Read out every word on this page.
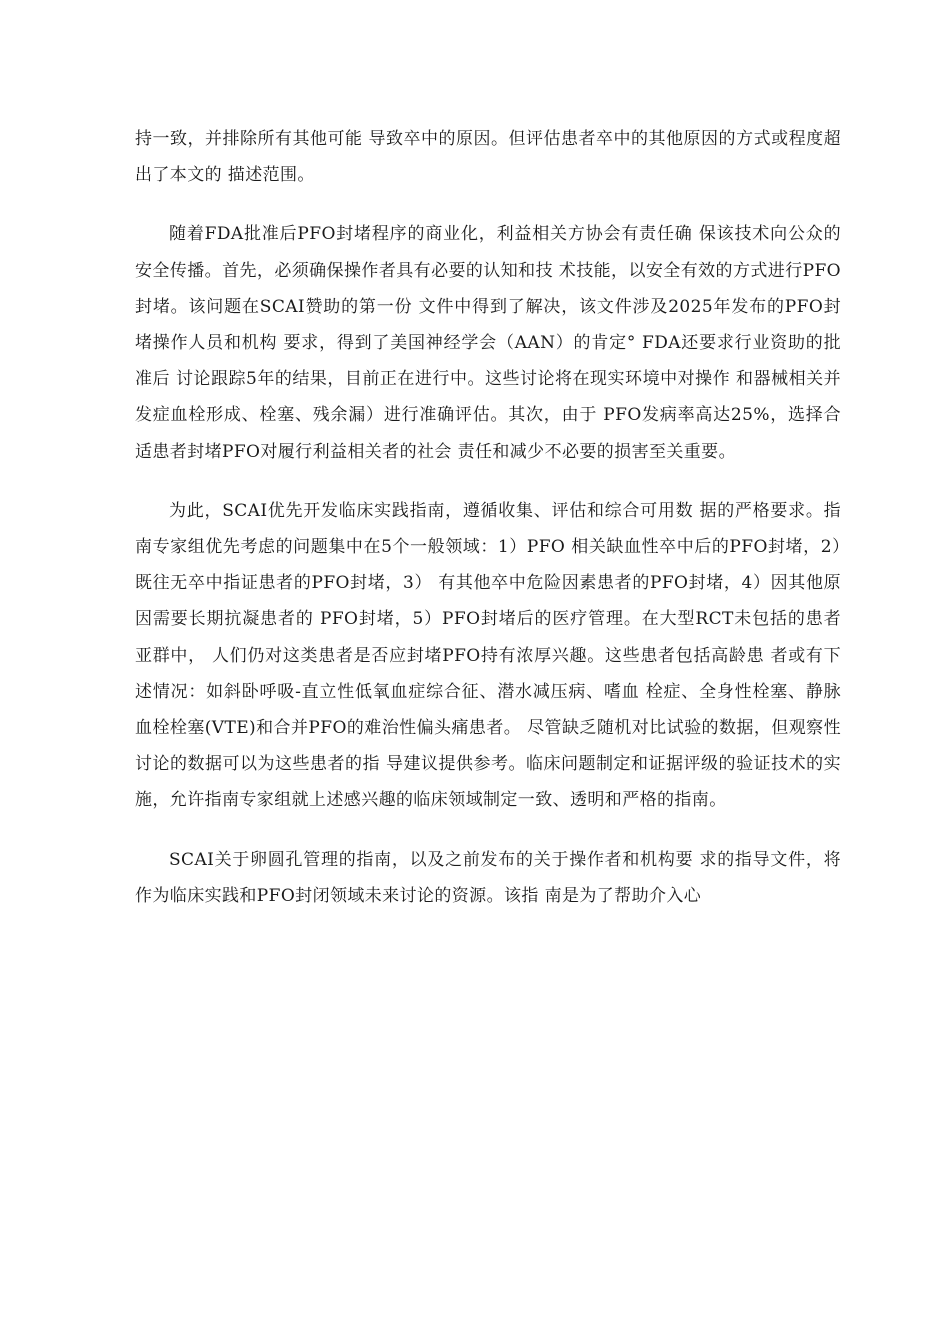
持一致，并排除所有其他可能 导致卒中的原因。但评估患者卒中的其他原因的方式或程度超出了本文的 描述范围。

随着FDA批准后PFO封堵程序的商业化，利益相关方协会有责任确 保该技术向公众的安全传播。首先，必须确保操作者具有必要的认知和技 术技能，以安全有效的方式进行PFO封堵。该问题在SCAI赞助的第一份 文件中得到了解决，该文件涉及2025年发布的PFO封堵操作人员和机构 要求，得到了美国神经学会（AAN）的肯定° FDA还要求行业资助的批准后 讨论跟踪5年的结果，目前正在进行中。这些讨论将在现实环境中对操作 和器械相关并发症血栓形成、栓塞、残余漏）进行准确评估。其次，由于 PFO发病率高达25%，选择合适患者封堵PFO对履行利益相关者的社会 责任和减少不必要的损害至关重要。

为此，SCAI优先开发临床实践指南，遵循收集、评估和综合可用数 据的严格要求。指南专家组优先考虑的问题集中在5个一般领域：1）PFO 相关缺血性卒中后的PFO封堵，2）既往无卒中指证患者的PFO封堵，3） 有其他卒中危险因素患者的PFO封堵，4）因其他原因需要长期抗凝患者的 PFO封堵，5）PFO封堵后的医疗管理。在大型RCT未包括的患者亚群中， 人们仍对这类患者是否应封堵PFO持有浓厚兴趣。这些患者包括高龄患 者或有下述情况：如斜卧呼吸-直立性低氧血症综合征、潜水减压病、嗜血 栓症、全身性栓塞、静脉血栓栓塞(VTE)和合并PFO的难治性偏头痛患者。 尽管缺乏随机对比试验的数据，但观察性讨论的数据可以为这些患者的指 导建议提供参考。临床问题制定和证据评级的验证技术的实施，允许指南专家组就上述感兴趣的临床领域制定一致、透明和严格的指南。

SCAI关于卵圆孔管理的指南，以及之前发布的关于操作者和机构要 求的指导文件，将作为临床实践和PFO封闭领域未来讨论的资源。该指 南是为了帮助介入心
